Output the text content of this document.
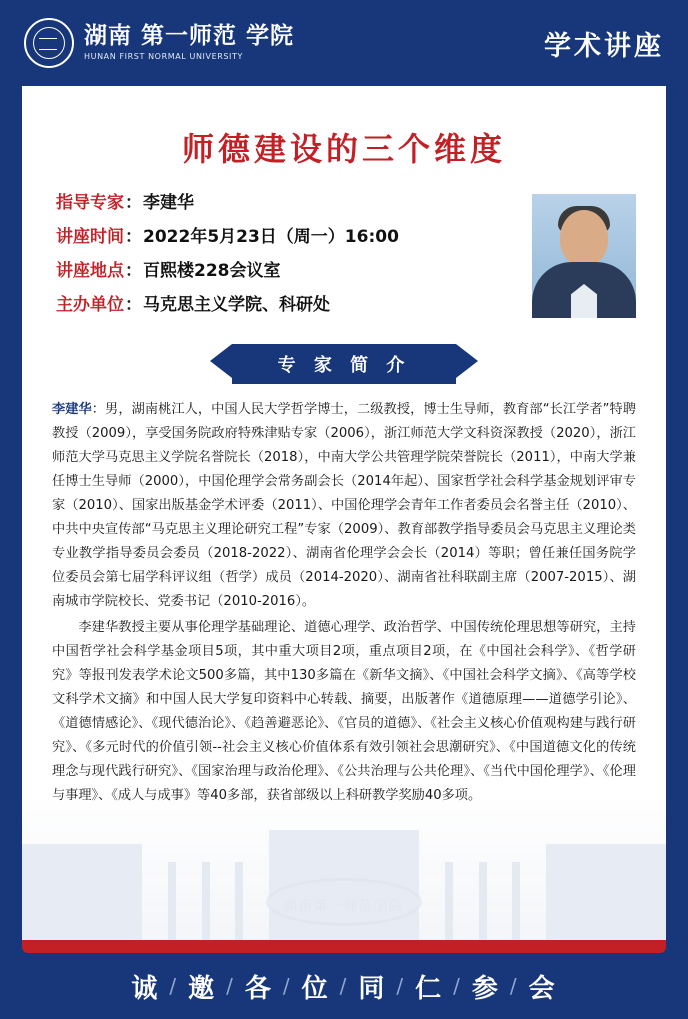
湖南 第一师范 学院
HUNAN FIRST NORMAL UNIVERSITY	学术讲座
湖南第一师范学院
师德建设的三个维度
指导专家 ： 李建华
讲座时间 ： 2022年5月23日（周一）16:00
讲座地点 ： 百熙楼228会议室
主办单位 ： 马克思主义学院、科研处
专 家 简 介

李建华：男，湖南桃江人，中国人民大学哲学博士，二级教授，博士生导师，教育部“长江学者”特聘教授（2009），享受国务院政府特殊津贴专家（2006），浙江师范大学文科资深教授（2020），浙江师范大学马克思主义学院名誉院长（2018），中南大学公共管理学院荣誉院长（2011），中南大学兼任博士生导师（2000），中国伦理学会常务副会长（2014年起）、国家哲学社会科学基金规划评审专家（2010）、国家出版基金学术评委（2011）、中国伦理学会青年工作者委员会名誉主任（2010）、中共中央宣传部“马克思主义理论研究工程”专家（2009）、教育部教学指导委员会马克思主义理论类专业教学指导委员会委员（2018-2022）、湖南省伦理学会会长（2014）等职；曾任兼任国务院学位委员会第七届学科评议组（哲学）成员（2014-2020）、湖南省社科联副主席（2007-2015）、湖南城市学院校长、党委书记（2010-2016）。

李建华教授主要从事伦理学基础理论、道德心理学、政治哲学、中国传统伦理思想等研究，主持中国哲学社会科学基金项目5项，其中重大项目2项，重点项目2项，在《中国社会科学》、《哲学研究》等报刊发表学术论文500多篇，其中130多篇在《新华文摘》、《中国社会科学文摘》、《高等学校文科学术文摘》和中国人民大学复印资料中心转载、摘要，出版著作《道德原理——道德学引论》、《道德情感论》、《现代德治论》、《趋善避恶论》、《官员的道德》、《社会主义核心价值观构建与践行研究》、《多元时代的价值引领--社会主义核心价值体系有效引领社会思潮研究》、《中国道德文化的传统理念与现代践行研究》、《国家治理与政治伦理》、《公共治理与公共伦理》、《当代中国伦理学》、《伦理与事理》、《成人与成事》等40多部，获省部级以上科研教学奖励40多项。

诚 / 邀 / 各 / 位 / 同 / 仁 / 参 / 会
